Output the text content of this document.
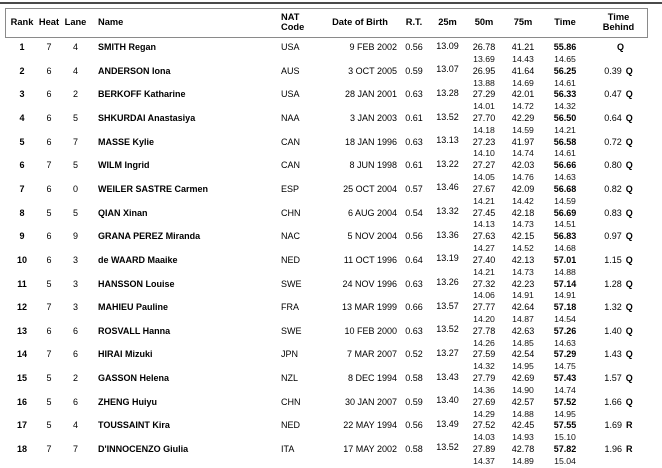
Rank Heat Lane	Name	NAT
Code	Date of Birth	R.T.	25m	50m	75m	Time	Time
Behind
1	7	4	SMITH Regan	USA	9 FEB 2002 0.56	13.09	26.78	41.21	55.86	Q
13.69	14.43	14.65
2	6	4	ANDERSON Iona	AUS	3 OCT 2005 0.59	13.07	26.95	41.64	56.25	0.39 Q
13.88	14.69	14.61
3	6	2	BERKOFF Katharine	USA	28 JAN 2001 0.63	13.28	27.29	42.01	56.33	0.47 Q
14.01	14.72	14.32
4	6	5	SHKURDAI Anastasiya	NAA	3 JAN 2003 0.61	13.52	27.70	42.29	56.50	0.64 Q
14.18	14.59	14.21
5	6	7	MASSE Kylie	CAN	18 JAN 1996 0.63	13.13	27.23	41.97	56.58	0.72 Q
14.10	14.74	14.61
6	7	5	WILM Ingrid	CAN	8 JUN 1998 0.61	13.22	27.27	42.03	56.66	0.80 Q
14.05	14.76	14.63
7	6	0	WEILER SASTRE Carmen	ESP	25 OCT 2004 0.57	13.46	27.67	42.09	56.68	0.82 Q
14.21	14.42	14.59
8	5	5	QIAN Xinan	CHN	6 AUG 2004 0.54	13.32	27.45	42.18	56.69	0.83 Q
14.13	14.73	14.51
9	6	9	GRANA PEREZ Miranda	NAC	5 NOV 2004 0.56	13.36	27.63	42.15	56.83	0.97 Q
14.27	14.52	14.68
10	6	3	de WAARD Maaike	NED	11 OCT 1996 0.64	13.19	27.40	42.13	57.01	1.15 Q
14.21	14.73	14.88
11	5	3	HANSSON Louise	SWE	24 NOV 1996 0.63	13.26	27.32	42.23	57.14	1.28 Q
14.06	14.91	14.91
12	7	3	MAHIEU Pauline	FRA	13 MAR 1999 0.66	13.57	27.77	42.64	57.18	1.32 Q
14.20	14.87	14.54
13	6	6	ROSVALL Hanna	SWE	10 FEB 2000 0.63	13.52	27.78	42.63	57.26	1.40 Q
14.26	14.85	14.63
14	7	6	HIRAI Mizuki	JPN	7 MAR 2007 0.52	13.27	27.59	42.54	57.29	1.43 Q
14.32	14.95	14.75
15	5	2	GASSON Helena	NZL	8 DEC 1994 0.58	13.43	27.79	42.69	57.43	1.57 Q
14.36	14.90	14.74
16	5	6	ZHENG Huiyu	CHN	30 JAN 2007 0.59	13.40	27.69	42.57	57.52	1.66 Q
14.29	14.88	14.95
17	5	4	TOUSSAINT Kira	NED	22 MAY 1994 0.56	13.49	27.52	42.45	57.55	1.69 R
14.03	14.93	15.10
18	7	7	D'INNOCENZO Giulia	ITA	17 MAY 2002 0.58	13.52	27.89	42.78	57.82	1.96 R
14.37	14.89	15.04
